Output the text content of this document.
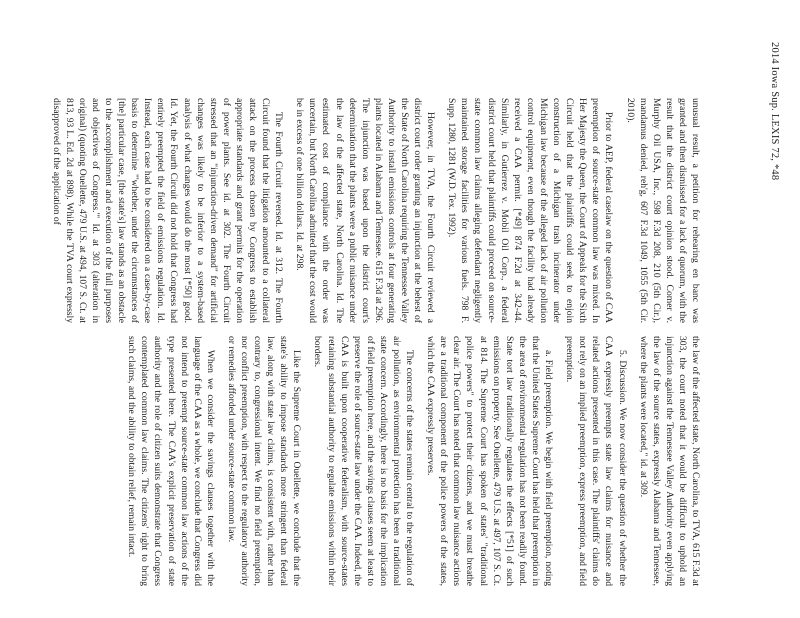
2014 Iowa Sup. LEXIS 72, *48

unusual result, a petition for rehearing en banc was granted and then dismissed for a lack of quorum, with the result that the district court opinion stood. Comer v. Murphy Oil USA, Inc., 598 F.3d 208, 210 (5th Cir.), mandamus denied, reh'g, 607 F.3d 1049, 1055 (5th Cir. 2010).

Prior to AEP, federal caselaw on the question of CAA preemption of source-state common law was mixed. In Her Majesty the Queen, the Court of Appeals for the Sixth Circuit held that the plaintiffs could seek to enjoin construction of a Michigan trash incinerator under Michigan law because of the alleged lack of air pollution control equipment, even though the facility had already received a CAA permit. [*49] 874 F.2d at 342-44. Similarly, in Gutierrez v. Mobil Oil Corp., a federal district court held that plaintiffs could proceed on source-state common law claims alleging defendant negligently maintained storage facilities for various fuels. 798 F. Supp. 1280, 1281 (W.D. Tex. 1992).

However, in TVA, the Fourth Circuit reviewed a district court order granting an injunction at the behest of the State of North Carolina requiring the Tennessee Valley Authority to install emissions controls at four generating plants located in Alabama and Tennessee. 615 F.3d at 296. The injunction was based upon the district court's determination that the plants were a public nuisance under the law of the affected state, North Carolina. Id. The estimated cost of compliance with the order was uncertain, but North Carolina admitted that the cost would be in excess of one billion dollars. Id. at 298.

The Fourth Circuit reversed. Id. at 312. The Fourth Circuit found that the litigation amounted to a collateral attack on the process chosen by Congress to establish appropriate standards and grant permits for the operation of power plants. See id. at 302. The Fourth Circuit stressed that an "injunction-driven demand" for artificial changes was likely to be inferior to a system-based analysis of what changes would do the most [*50] good. Id. Yet, the Fourth Circuit did not hold that Congress had entirely preempted the field of emissions regulation. Id. Instead, each case had to be considered on a case-by-case basis to determine "'whether, under the circumstances of [the] particular case, [the state's] law stands as an obstacle to the accomplishment and execution of the full purposes and objectives of Congress.'" Id. at 303 (alteration in original) (quoting Ouellette, 479 U.S. at 494, 107 S. Ct. at 813, 93 L. Ed. 2d at 898). While the TVA court expressly disapproved of the application of

the law of the affected state, North Carolina, to TVA, 615 F.3d at 303, the court noted that it would be difficult to uphold an injunction against the Tennessee Valley Authority even applying the law of the source states, expressly Alabama and Tennessee, where the plants were located," id. at 309.

5. Discussion. We now consider the question of whether the CAA expressly preempts state law claims for nuisance and related actions presented in this case. The plaintiffs' claims do not rely on an implied preemption, express preemption, and field preemption.

a. Field preemption. We begin with field preemption, noting that the United States Supreme Court has held that preemption in the area of environmental regulation has not been readily found. State tort law traditionally regulates the effects [*51] of such emissions on property. See Ouellette, 479 U.S. at 497, 107 S. Ct. at 814. The Supreme Court has spoken of states' "traditional police powers" to protect their citizens, and we must breathe clear air. The Court has noted that common law nuisance actions are a traditional component of the police powers of the states, which the CAA expressly preserves.

The concerns of the states remain central to the regulation of air pollution, as environmental protection has been a traditional state concern. Accordingly, there is no basis for the implication of field preemption here, and the savings clauses seem at least to preserve the role of source-state law under the CAA. Indeed, the CAA is built upon cooperative federalism, with source-states retaining substantial authority to regulate emissions within their borders.

Like the Supreme Court in Ouellette, we conclude that the state's ability to impose standards more stringent than federal law, along with state law claims, is consistent with, rather than contrary to, congressional intent. We find no field preemption, nor conflict preemption, with respect to the regulatory authority or remedies afforded under source-state common law.

When we consider the savings clauses together with the language of the CAA as a whole, we conclude that Congress did not intend to preempt source-state common law actions of the type presented here. The CAA's explicit preservation of state authority and the role of citizen suits demonstrate that Congress contemplated common law claims. The citizens' right to bring such claims, and the ability to obtain relief, remain intact.
